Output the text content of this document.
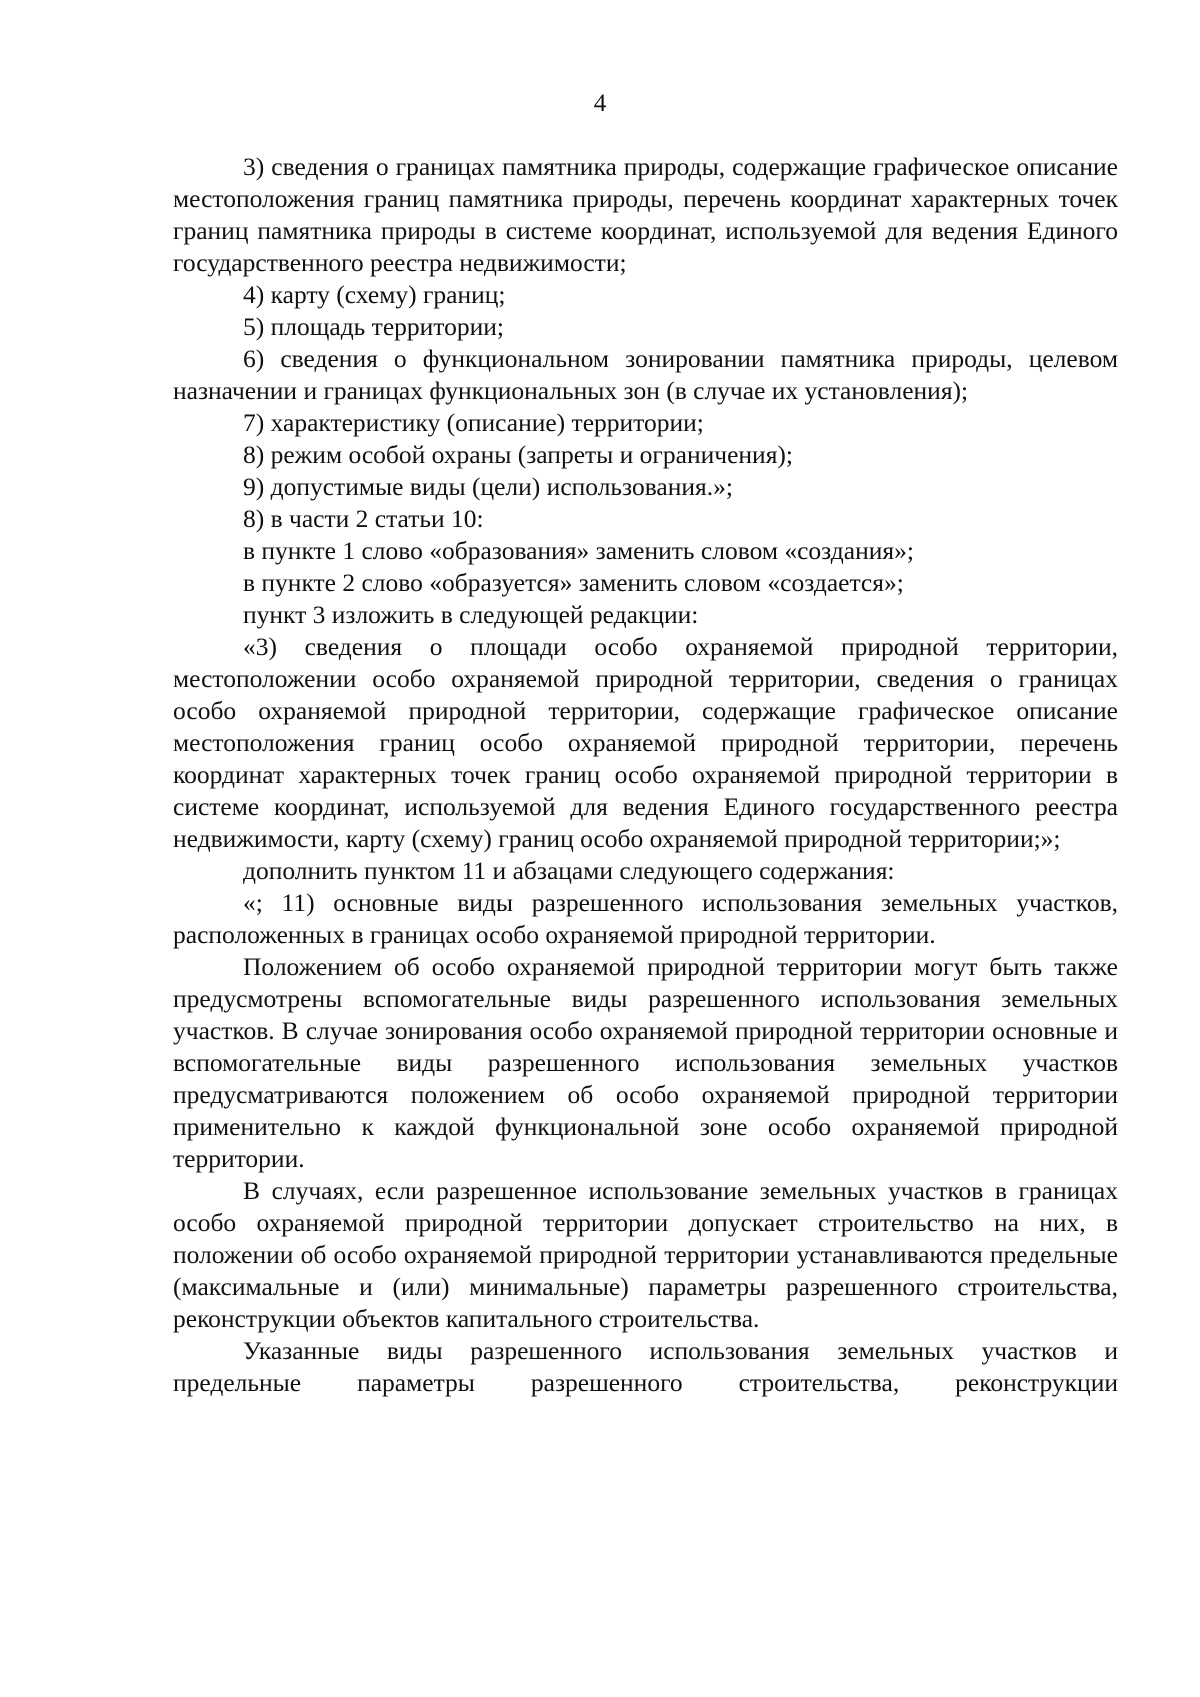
4

3) сведения о границах памятника природы, содержащие графическое описание местоположения границ памятника природы, перечень координат характерных точек границ памятника природы в системе координат, используемой для ведения Единого государственного реестра недвижимости;

4) карту (схему) границ;

5) площадь территории;

6) сведения о функциональном зонировании памятника природы, целевом назначении и границах функциональных зон (в случае их установления);

7) характеристику (описание) территории;

8) режим особой охраны (запреты и ограничения);

9) допустимые виды (цели) использования.»;

8) в части 2 статьи 10:

в пункте 1 слово «образования» заменить словом «создания»;

в пункте 2 слово «образуется» заменить словом «создается»;

пункт 3 изложить в следующей редакции:

«3) сведения о площади особо охраняемой природной территории, местоположении особо охраняемой природной территории, сведения о границах особо охраняемой природной территории, содержащие графическое описание местоположения границ особо охраняемой природной территории, перечень координат характерных точек границ особо охраняемой природной территории в системе координат, используемой для ведения Единого государственного реестра недвижимости, карту (схему) границ особо охраняемой природной территории;»;

дополнить пунктом 11 и абзацами следующего содержания:

«; 11) основные виды разрешенного использования земельных участков, расположенных в границах особо охраняемой природной территории.

Положением об особо охраняемой природной территории могут быть также предусмотрены вспомогательные виды разрешенного использования земельных участков. В случае зонирования особо охраняемой природной территории основные и вспомогательные виды разрешенного использования земельных участков предусматриваются положением об особо охраняемой природной территории применительно к каждой функциональной зоне особо охраняемой природной территории.

В случаях, если разрешенное использование земельных участков в границах особо охраняемой природной территории допускает строительство на них, в положении об особо охраняемой природной территории устанавливаются предельные (максимальные и (или) минимальные) параметры разрешенного строительства, реконструкции объектов капитального строительства.

Указанные виды разрешенного использования земельных участков и предельные параметры разрешенного строительства, реконструкции
